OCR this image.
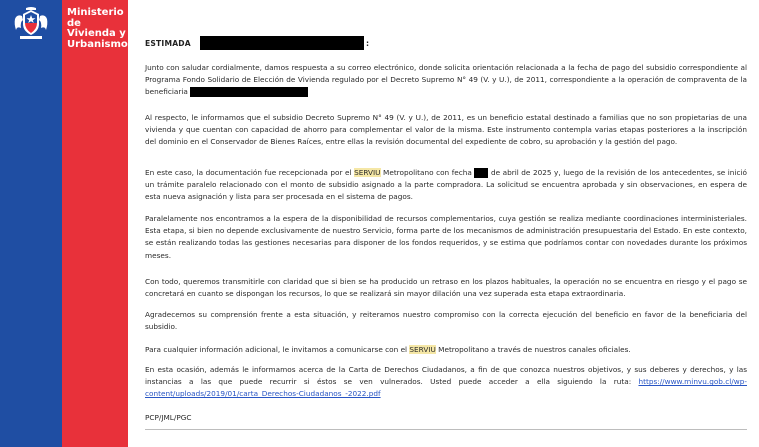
Ministerio de
Vivienda y
Urbanismo ESTIMADA	:

Junto con saludar cordialmente, damos respuesta a su correo electrónico, donde solicita orientación relacionada a la fecha de pago del subsidio correspondiente al Programa Fondo Solidario de Elección de Vivienda regulado por el Decreto Supremo N° 49 (V. y U.), de 2011, correspondiente a la operación de compraventa de la beneficiaria

Al respecto, le informamos que el subsidio Decreto Supremo N° 49 (V. y U.), de 2011, es un beneficio estatal destinado a familias que no son propietarias de una vivienda y que cuentan con capacidad de ahorro para complementar el valor de la misma. Este instrumento contempla varias etapas posteriores a la inscripción del dominio en el Conservador de Bienes Raíces, entre ellas la revisión documental del expediente de cobro, su aprobación y la gestión del pago.

En este caso, la documentación fue recepcionada por el SERVIU Metropolitano con fecha	de abril de 2025 y, luego de la revisión de los antecedentes, se inició un trámite paralelo relacionado con el monto de subsidio asignado a la parte compradora. La solicitud se encuentra aprobada y sin observaciones, en espera de esta nueva asignación y lista para ser procesada en el sistema de pagos.

Paralelamente nos encontramos a la espera de la disponibilidad de recursos complementarios, cuya gestión se realiza mediante coordinaciones interministeriales. Esta etapa, si bien no depende exclusivamente de nuestro Servicio, forma parte de los mecanismos de administración presupuestaria del Estado. En este contexto, se están realizando todas las gestiones necesarias para disponer de los fondos requeridos, y se estima que podríamos contar con novedades durante los próximos meses.

Con todo, queremos transmitirle con claridad que si bien se ha producido un retraso en los plazos habituales, la operación no se encuentra en riesgo y el pago se concretará en cuanto se dispongan los recursos, lo que se realizará sin mayor dilación una vez superada esta etapa extraordinaria.

Agradecemos su comprensión frente a esta situación, y reiteramos nuestro compromiso con la correcta ejecución del beneficio en favor de la beneficiaria del subsidio.

Para cualquier información adicional, le invitamos a comunicarse con el SERVIU Metropolitano a través de nuestros canales oficiales.

En esta ocasión, además le informamos acerca de la Carta de Derechos Ciudadanos, a fin de que conozca nuestros objetivos, y sus deberes y derechos, y las instancias a las que puede recurrir si éstos se ven vulnerados. Usted puede acceder a ella siguiendo la ruta: https://www.minvu.gob.cl/wp-content/uploads/2019/01/carta_Derechos-Ciudadanos_-2022.pdf

PCP/JML/PGC
